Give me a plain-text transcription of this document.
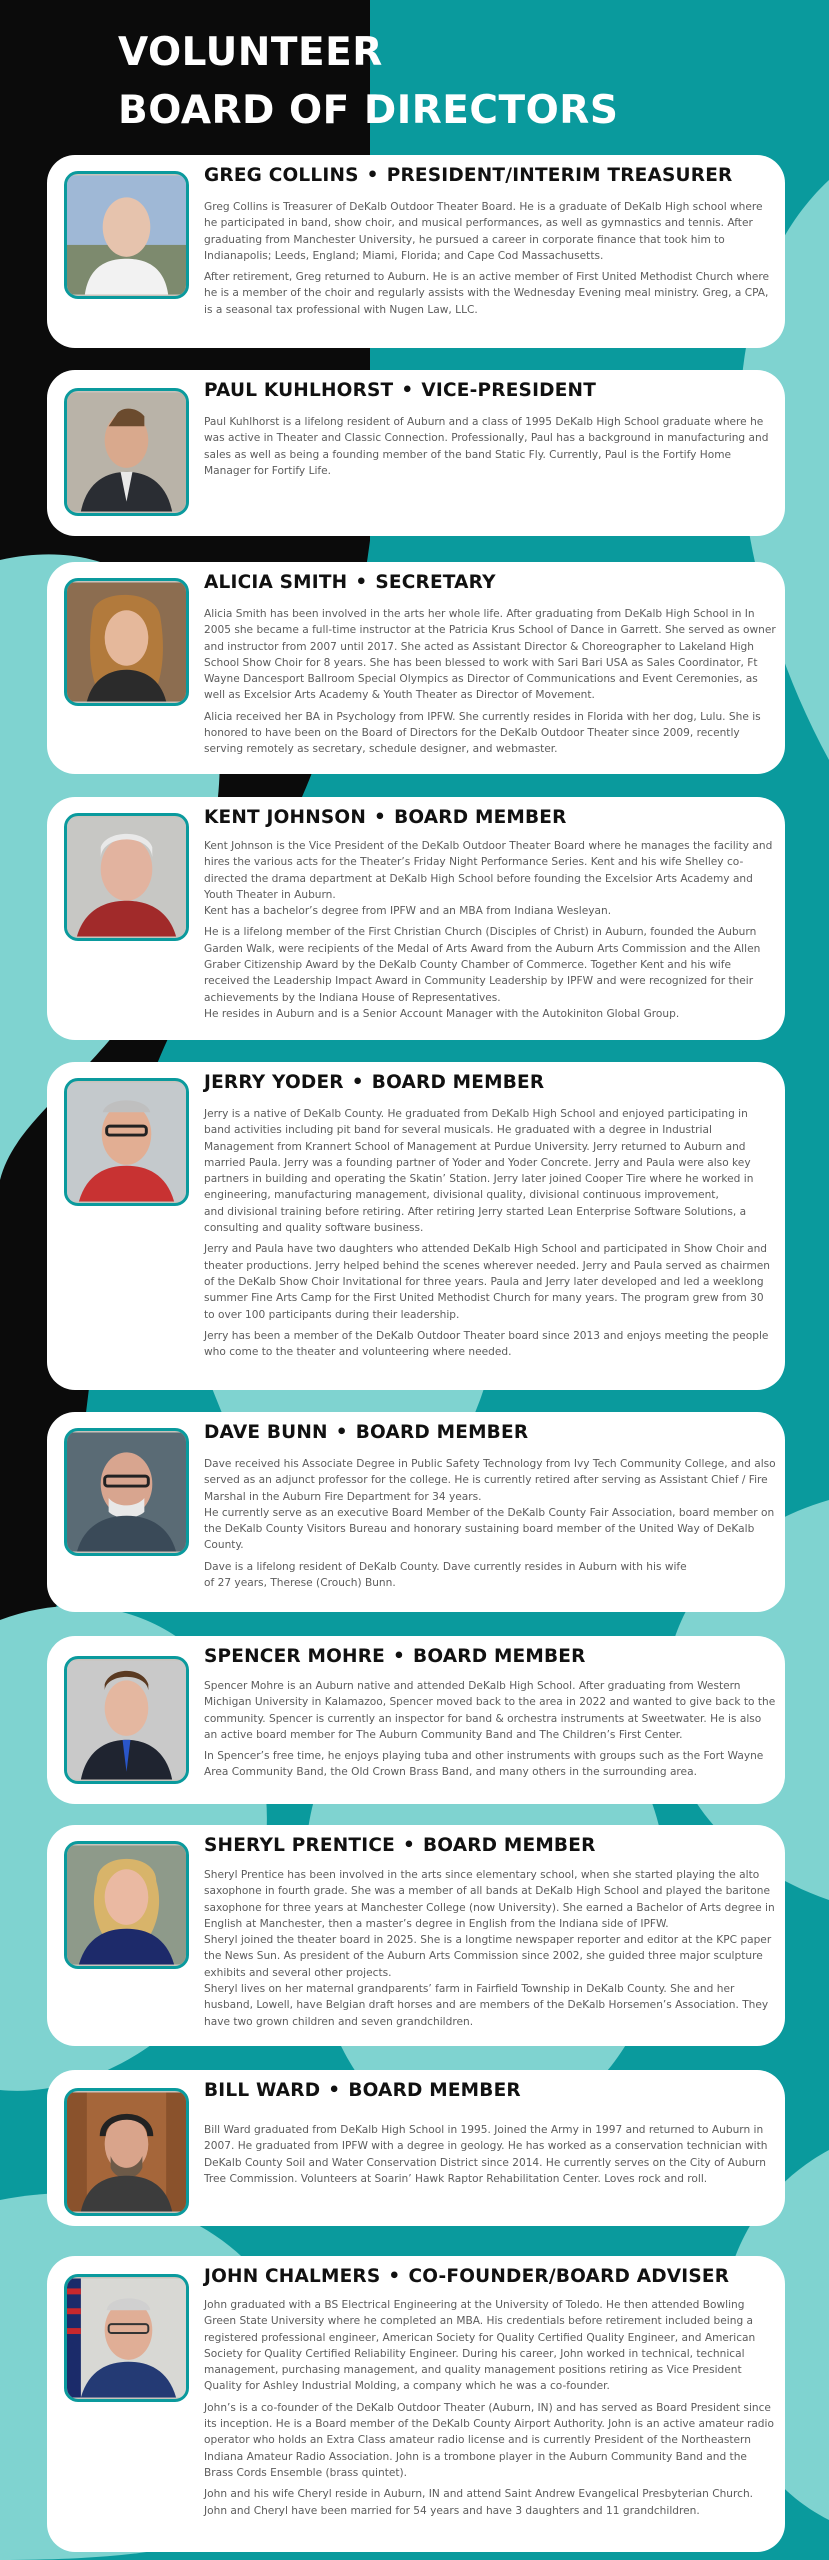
VOLUNTEER
BOARD OF DIRECTORS
GREG COLLINS • PRESIDENT/INTERIM TREASURER

Greg Collins is Treasurer of DeKalb Outdoor Theater Board. He is a graduate of DeKalb High school where he participated in band, show choir, and musical performances, as well as gymnastics and tennis. After graduating from Manchester University, he pursued a career in corporate finance that took him to Indianapolis; Leeds, England; Miami, Florida; and Cape Cod Massachusetts.

After retirement, Greg returned to Auburn. He is an active member of First United Methodist Church where he is a member of the choir and regularly assists with the Wednesday Evening meal ministry. Greg, a CPA, is a seasonal tax professional with Nugen Law, LLC.

PAUL KUHLHORST • VICE-PRESIDENT

Paul Kuhlhorst is a lifelong resident of Auburn and a class of 1995 DeKalb High School graduate where he was active in Theater and Classic Connection. Professionally, Paul has a background in manufacturing and sales as well as being a founding member of the band Static Fly. Currently, Paul is the Fortify Home Manager for Fortify Life.

ALICIA SMITH • SECRETARY

Alicia Smith has been involved in the arts her whole life. After graduating from DeKalb High School in In 2005 she became a full-time instructor at the Patricia Krus School of Dance in Garrett. She served as owner and instructor from 2007 until 2017. She acted as Assistant Director & Choreographer to Lakeland High School Show Choir for 8 years. She has been blessed to work with Sari Bari USA as Sales Coordinator, Ft Wayne Dancesport Ballroom Special Olympics as Director of Communications and Event Ceremonies, as well as Excelsior Arts Academy & Youth Theater as Director of Movement.

Alicia received her BA in Psychology from IPFW. She currently resides in Florida with her dog, Lulu. She is honored to have been on the Board of Directors for the DeKalb Outdoor Theater since 2009, recently serving remotely as secretary, schedule designer, and webmaster.

KENT JOHNSON • BOARD MEMBER

Kent Johnson is the Vice President of the DeKalb Outdoor Theater Board where he manages the facility and hires the various acts for the Theater’s Friday Night Performance Series. Kent and his wife Shelley co-directed the drama department at DeKalb High School before founding the Excelsior Arts Academy and Youth Theater in Auburn.
Kent has a bachelor’s degree from IPFW and an MBA from Indiana Wesleyan.

He is a lifelong member of the First Christian Church (Disciples of Christ) in Auburn, founded the Auburn Garden Walk, were recipients of the Medal of Arts Award from the Auburn Arts Commission and the Allen Graber Citizenship Award by the DeKalb County Chamber of Commerce. Together Kent and his wife received the Leadership Impact Award in Community Leadership by IPFW and were recognized for their achievements by the Indiana House of Representatives.
He resides in Auburn and is a Senior Account Manager with the Autokiniton Global Group.

JERRY YODER • BOARD MEMBER

Jerry is a native of DeKalb County. He graduated from DeKalb High School and enjoyed participating in band activities including pit band for several musicals. He graduated with a degree in Industrial Management from Krannert School of Management at Purdue University. Jerry returned to Auburn and married Paula. Jerry was a founding partner of Yoder and Yoder Concrete. Jerry and Paula were also key partners in building and operating the Skatin’ Station. Jerry later joined Cooper Tire where he worked in engineering, manufacturing management, divisional quality, divisional continuous improvement,
and divisional training before retiring. After retiring Jerry started Lean Enterprise Software Solutions, a consulting and quality software business.

Jerry and Paula have two daughters who attended DeKalb High School and participated in Show Choir and theater productions. Jerry helped behind the scenes wherever needed. Jerry and Paula served as chairmen of the DeKalb Show Choir Invitational for three years. Paula and Jerry later developed and led a weeklong summer Fine Arts Camp for the First United Methodist Church for many years. The program grew from 30 to over 100 participants during their leadership.

Jerry has been a member of the DeKalb Outdoor Theater board since 2013 and enjoys meeting the people who come to the theater and volunteering where needed.

DAVE BUNN • BOARD MEMBER

Dave received his Associate Degree in Public Safety Technology from Ivy Tech Community College, and also served as an adjunct professor for the college. He is currently retired after serving as Assistant Chief / Fire Marshal in the Auburn Fire Department for 34 years.
He currently serve as an executive Board Member of the DeKalb County Fair Association, board member on the DeKalb County Visitors Bureau and honorary sustaining board member of the United Way of DeKalb County.

Dave is a lifelong resident of DeKalb County. Dave currently resides in Auburn with his wife
of 27 years, Therese (Crouch) Bunn.

SPENCER MOHRE • BOARD MEMBER

Spencer Mohre is an Auburn native and attended DeKalb High School. After graduating from Western Michigan University in Kalamazoo, Spencer moved back to the area in 2022 and wanted to give back to the community. Spencer is currently an inspector for band & orchestra instruments at Sweetwater. He is also an active board member for The Auburn Community Band and The Children’s First Center.

In Spencer’s free time, he enjoys playing tuba and other instruments with groups such as the Fort Wayne Area Community Band, the Old Crown Brass Band, and many others in the surrounding area.

SHERYL PRENTICE • BOARD MEMBER

Sheryl Prentice has been involved in the arts since elementary school, when she started playing the alto saxophone in fourth grade. She was a member of all bands at DeKalb High School and played the baritone saxophone for three years at Manchester College (now University). She earned a Bachelor of Arts degree in English at Manchester, then a master’s degree in English from the Indiana side of IPFW.
Sheryl joined the theater board in 2025. She is a longtime newspaper reporter and editor at the KPC paper the News Sun. As president of the Auburn Arts Commission since 2002, she guided three major sculpture exhibits and several other projects.
Sheryl lives on her maternal grandparents’ farm in Fairfield Township in DeKalb County. She and her husband, Lowell, have Belgian draft horses and are members of the DeKalb Horsemen’s Association. They have two grown children and seven grandchildren.

BILL WARD • BOARD MEMBER

Bill Ward graduated from DeKalb High School in 1995. Joined the Army in 1997 and returned to Auburn in 2007. He graduated from IPFW with a degree in geology. He has worked as a conservation technician with DeKalb County Soil and Water Conservation District since 2014. He currently serves on the City of Auburn Tree Commission. Volunteers at Soarin’ Hawk Raptor Rehabilitation Center. Loves rock and roll.

JOHN CHALMERS • CO-FOUNDER/BOARD ADVISER

John graduated with a BS Electrical Engineering at the University of Toledo. He then attended Bowling Green State University where he completed an MBA. His credentials before retirement included being a registered professional engineer, American Society for Quality Certified Quality Engineer, and American Society for Quality Certified Reliability Engineer. During his career, John worked in technical, technical management, purchasing management, and quality management positions retiring as Vice President Quality for Ashley Industrial Molding, a company which he was a co-founder.

John’s is a co-founder of the DeKalb Outdoor Theater (Auburn, IN) and has served as Board President since its inception. He is a Board member of the DeKalb County Airport Authority. John is an active amateur radio operator who holds an Extra Class amateur radio license and is currently President of the Northeastern Indiana Amateur Radio Association. John is a trombone player in the Auburn Community Band and the Brass Cords Ensemble (brass quintet).

John and his wife Cheryl reside in Auburn, IN and attend Saint Andrew Evangelical Presbyterian Church. John and Cheryl have been married for 54 years and have 3 daughters and 11 grandchildren.
